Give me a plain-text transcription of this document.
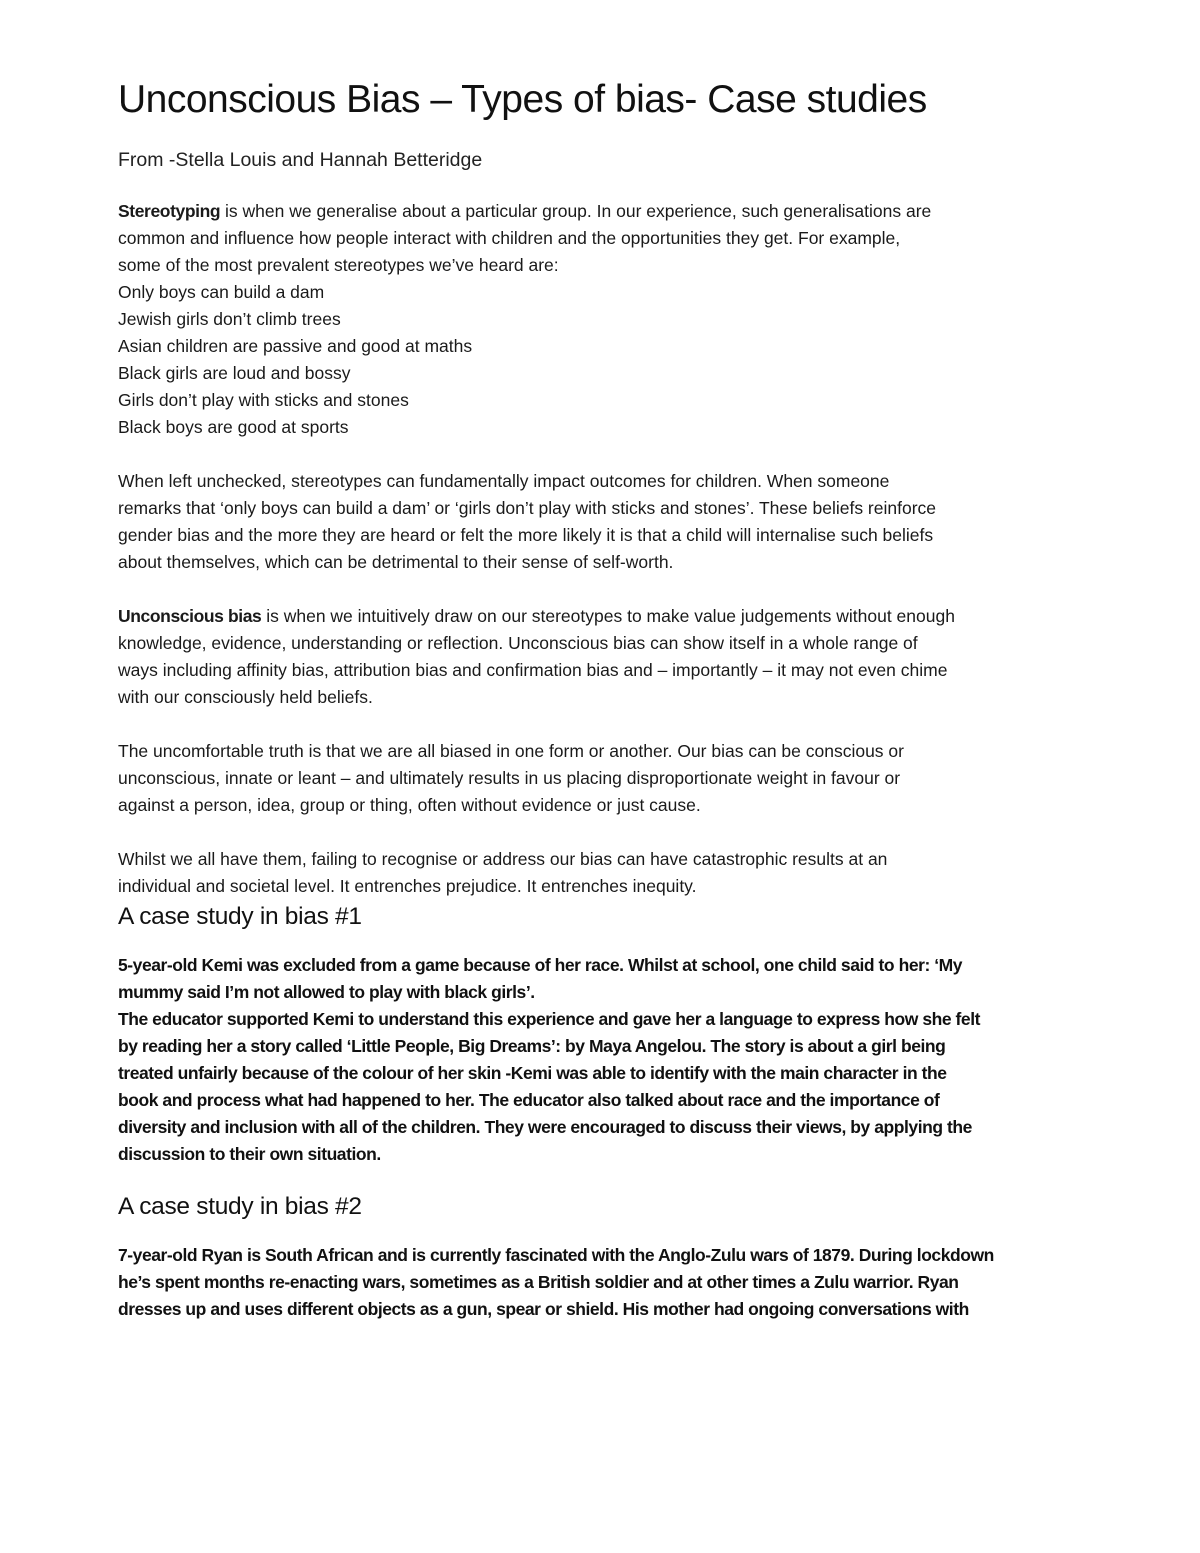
Unconscious Bias – Types of bias- Case studies
From -Stella Louis and Hannah Betteridge
Stereotyping is when we generalise about a particular group. In our experience, such generalisations are
common and influence how people interact with children and the opportunities they get. For example,
some of the most prevalent stereotypes we’ve heard are:
Only boys can build a dam
Jewish girls don’t climb trees
Asian children are passive and good at maths
Black girls are loud and bossy
Girls don’t play with sticks and stones
Black boys are good at sports
When left unchecked, stereotypes can fundamentally impact outcomes for children. When someone
remarks that ‘only boys can build a dam’ or ‘girls don’t play with sticks and stones’. These beliefs reinforce
gender bias and the more they are heard or felt the more likely it is that a child will internalise such beliefs
about themselves, which can be detrimental to their sense of self-worth.
Unconscious bias is when we intuitively draw on our stereotypes to make value judgements without enough
knowledge, evidence, understanding or reflection. Unconscious bias can show itself in a whole range of
ways including affinity bias, attribution bias and confirmation bias and – importantly – it may not even chime
with our consciously held beliefs.
The uncomfortable truth is that we are all biased in one form or another. Our bias can be conscious or
unconscious, innate or leant – and ultimately results in us placing disproportionate weight in favour or
against a person, idea, group or thing, often without evidence or just cause.
Whilst we all have them, failing to recognise or address our bias can have catastrophic results at an
individual and societal level. It entrenches prejudice. It entrenches inequity.
A case study in bias #1
5-year-old Kemi was excluded from a game because of her race. Whilst at school, one child said to her: ‘My
mummy said I’m not allowed to play with black girls’.
The educator supported Kemi to understand this experience and gave her a language to express how she felt
by reading her a story called ‘Little People, Big Dreams’: by Maya Angelou. The story is about a girl being
treated unfairly because of the colour of her skin -Kemi was able to identify with the main character in the
book and process what had happened to her. The educator also talked about race and the importance of
diversity and inclusion with all of the children. They were encouraged to discuss their views, by applying the
discussion to their own situation.
A case study in bias #2
7-year-old Ryan is South African and is currently fascinated with the Anglo-Zulu wars of 1879. During lockdown
he’s spent months re-enacting wars, sometimes as a British soldier and at other times a Zulu warrior. Ryan
dresses up and uses different objects as a gun, spear or shield. His mother had ongoing conversations with
